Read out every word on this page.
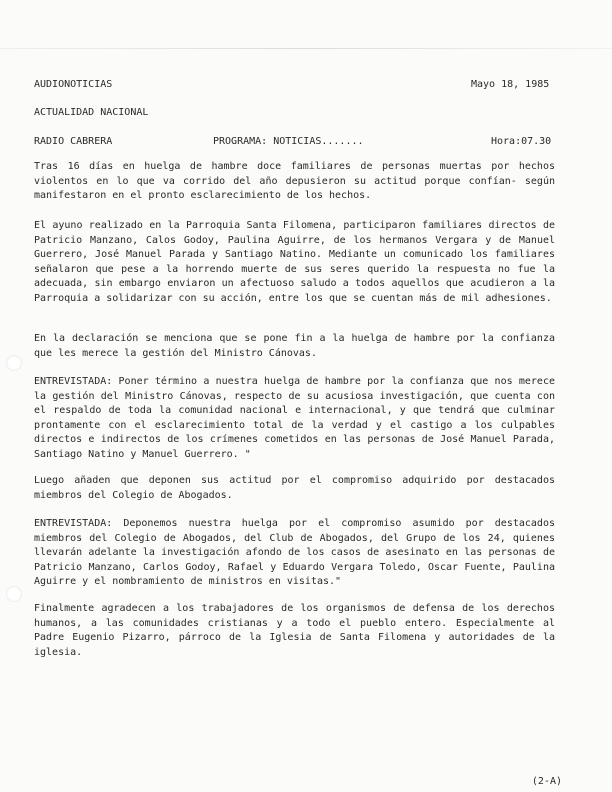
AUDIONOTICIAS	Mayo 18, 1985
ACTUALIDAD NACIONAL
RADIO CABRERA	PROGRAMA: NOTICIAS.......	Hora:07.30
Tras 16 días en huelga de hambre doce familiares de personas muertas por hechos violentos en lo que va corrido del año depusieron su actitud porque confían- según manifestaron en el pronto esclarecimiento de los hechos.
El ayuno realizado en la Parroquia Santa Filomena, participaron familiares directos de Patricio Manzano, Calos Godoy, Paulina Aguirre, de los hermanos Vergara y de Manuel Guerrero, José Manuel Parada y Santiago Natino. Mediante un comunicado los familiares señalaron que pese a la horrendo muerte de sus seres querido la respuesta no fue la adecuada, sin embargo enviaron un afectuoso saludo a todos aquellos que acudieron a la Parroquia a solidarizar con su acción, entre los que se cuentan más de mil adhesiones.
En la declaración se menciona que se pone fin a la huelga de hambre por la confianza que les merece la gestión del Ministro Cánovas.
ENTREVISTADA: Poner término a nuestra huelga de hambre por la confianza que nos merece la gestión del Ministro Cánovas, respecto de su acusiosa investigación, que cuenta con el respaldo de toda la comunidad nacional e internacional, y que tendrá que culminar prontamente con el esclarecimiento total de la verdad y el castigo a los culpables directos e indirectos de los crímenes cometidos en las personas de José Manuel Parada, Santiago Natino y Manuel Guerrero. "
Luego añaden que deponen sus actitud por el compromiso adquirido por destacados miembros del Colegio de Abogados.
ENTREVISTADA: Deponemos nuestra huelga por el compromiso asumido por destacados miembros del Colegio de Abogados, del Club de Abogados, del Grupo de los 24, quienes llevarán adelante la investigación afondo de los casos de asesinato en las personas de Patricio Manzano, Carlos Godoy, Rafael y Eduardo Vergara Toledo, Oscar Fuente, Paulina Aguirre y el nombramiento de ministros en visitas."
Finalmente agradecen a los trabajadores de los organismos de defensa de los derechos humanos, a las comunidades cristianas y a todo el pueblo entero. Especialmente al Padre Eugenio Pizarro, párroco de la Iglesia de Santa Filomena y autoridades de la iglesia.
(2-A)
